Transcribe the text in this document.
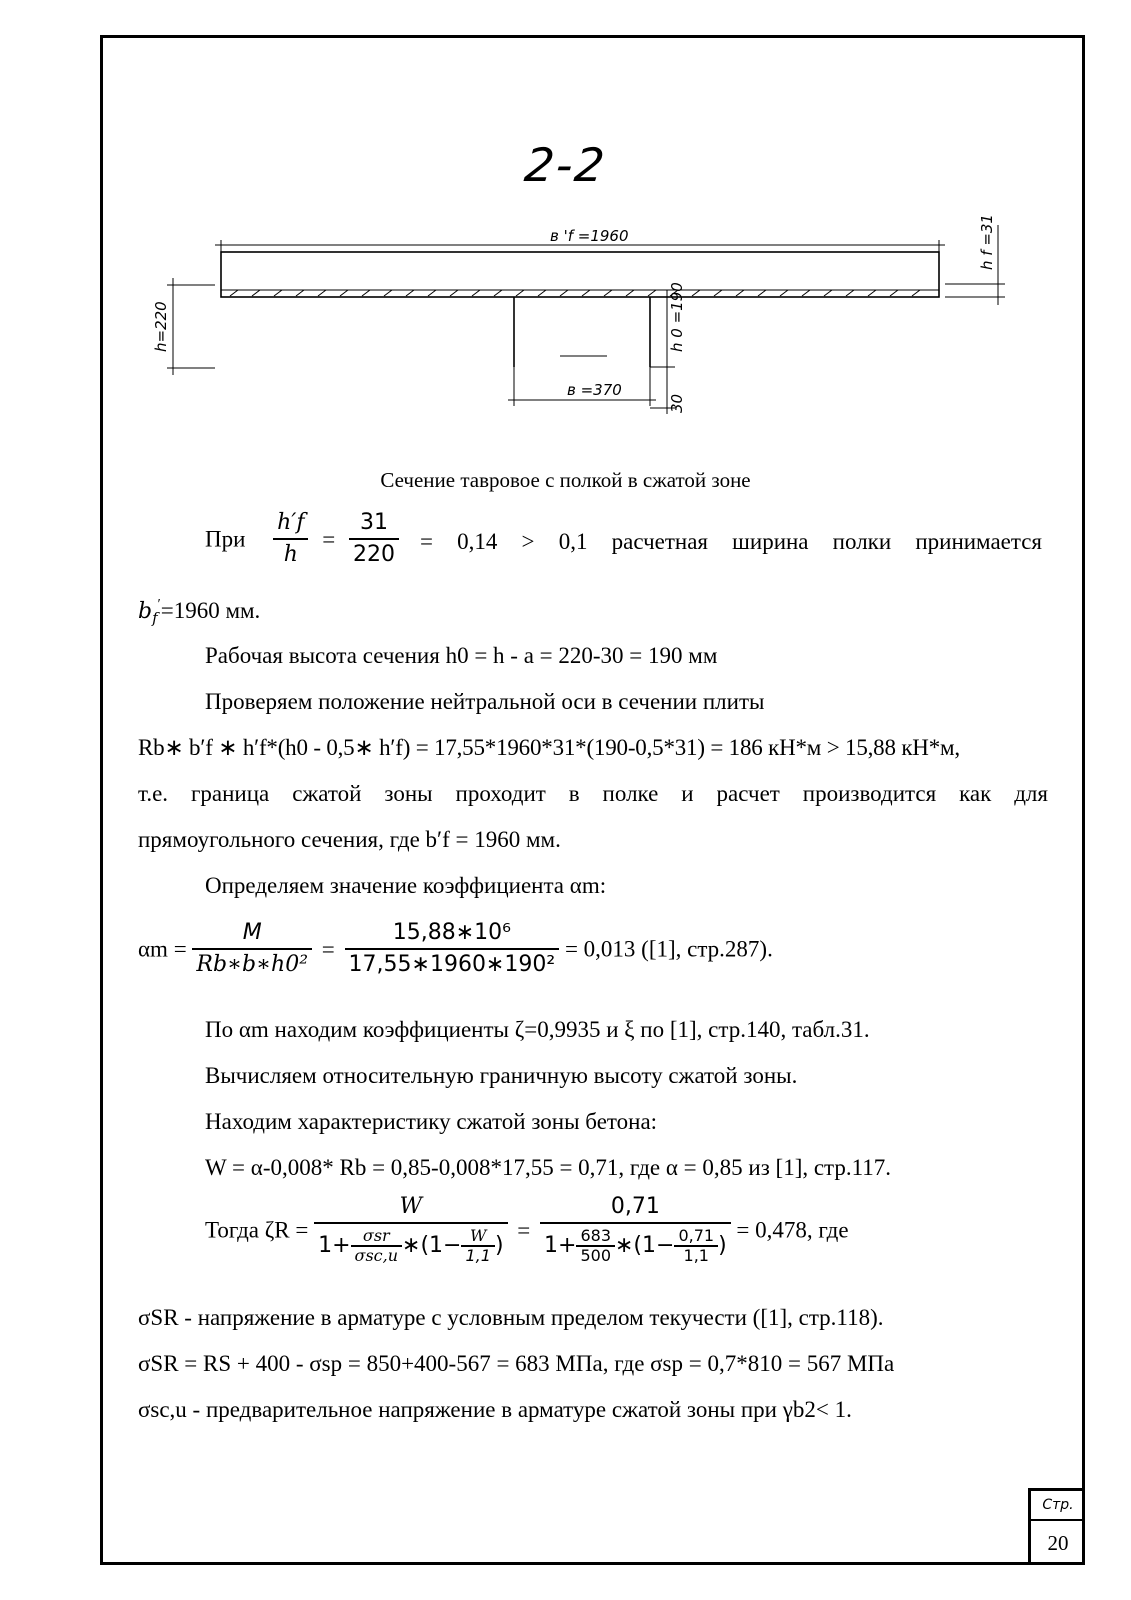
2-2
в 'f =1960	h f =31
h=220	h 0 =190
в =370
30
Сечение тавровое с полкой в сжатой зоне
При $\frac{h'f}{h} = \frac{31}{220} = 0,14 > 0,1$ расчетная ширина полки принимается
$b_f'=1960$ мм.
Рабочая высота сечения h0 = h - a = 220-30 = 190 мм
Проверяем положение нейтральной оси в сечении плиты
Rb∗ b′f ∗ h′f*(h0 - 0,5∗ h′f) = 17,55*1960*31*(190-0,5*31) = 186 кН*м > 15,88 кН*м,
т.е. граница сжатой зоны проходит в полке и расчет производится как для
прямоугольного сечения, где b′f = 1960 мм.
Определяем значение коэффициента αm:
$\alpha m = \frac{M}{\text{Rb∗b∗h0²}} = \frac{\text{15,88∗10⁶}}{\text{17,55∗1960∗190²}} = 0,013$ ([1], стр.287).
По αm находим коэффициенты ζ=0,9935 и ξ по [1], стр.140, табл.31.
Вычисляем относительную граничную высоту сжатой зоны.
Находим характеристику сжатой зоны бетона:
W = α-0,008* Rb = 0,85-0,008*17,55 = 0,71, где α = 0,85 из [1], стр.117.
Тогда $\zeta R = \frac{W}{1+ \frac{\text{σsr}}{\text{σsc,u}} ∗(1- \frac{W}{1,1} )} = \frac{0,71}{1+ \frac{683}{500} ∗(1- \frac{0,71}{1,1} )} = 0,478$, где
σSR - напряжение в арматуре с условным пределом текучести ([1], стр.118).
σSR = RS + 400 - σsp = 850+400-567 = 683 МПа, где σsp = 0,7*810 = 567 МПа
σsc,u - предварительное напряжение в арматуре сжатой зоны при γb2< 1.
Стр.
20
